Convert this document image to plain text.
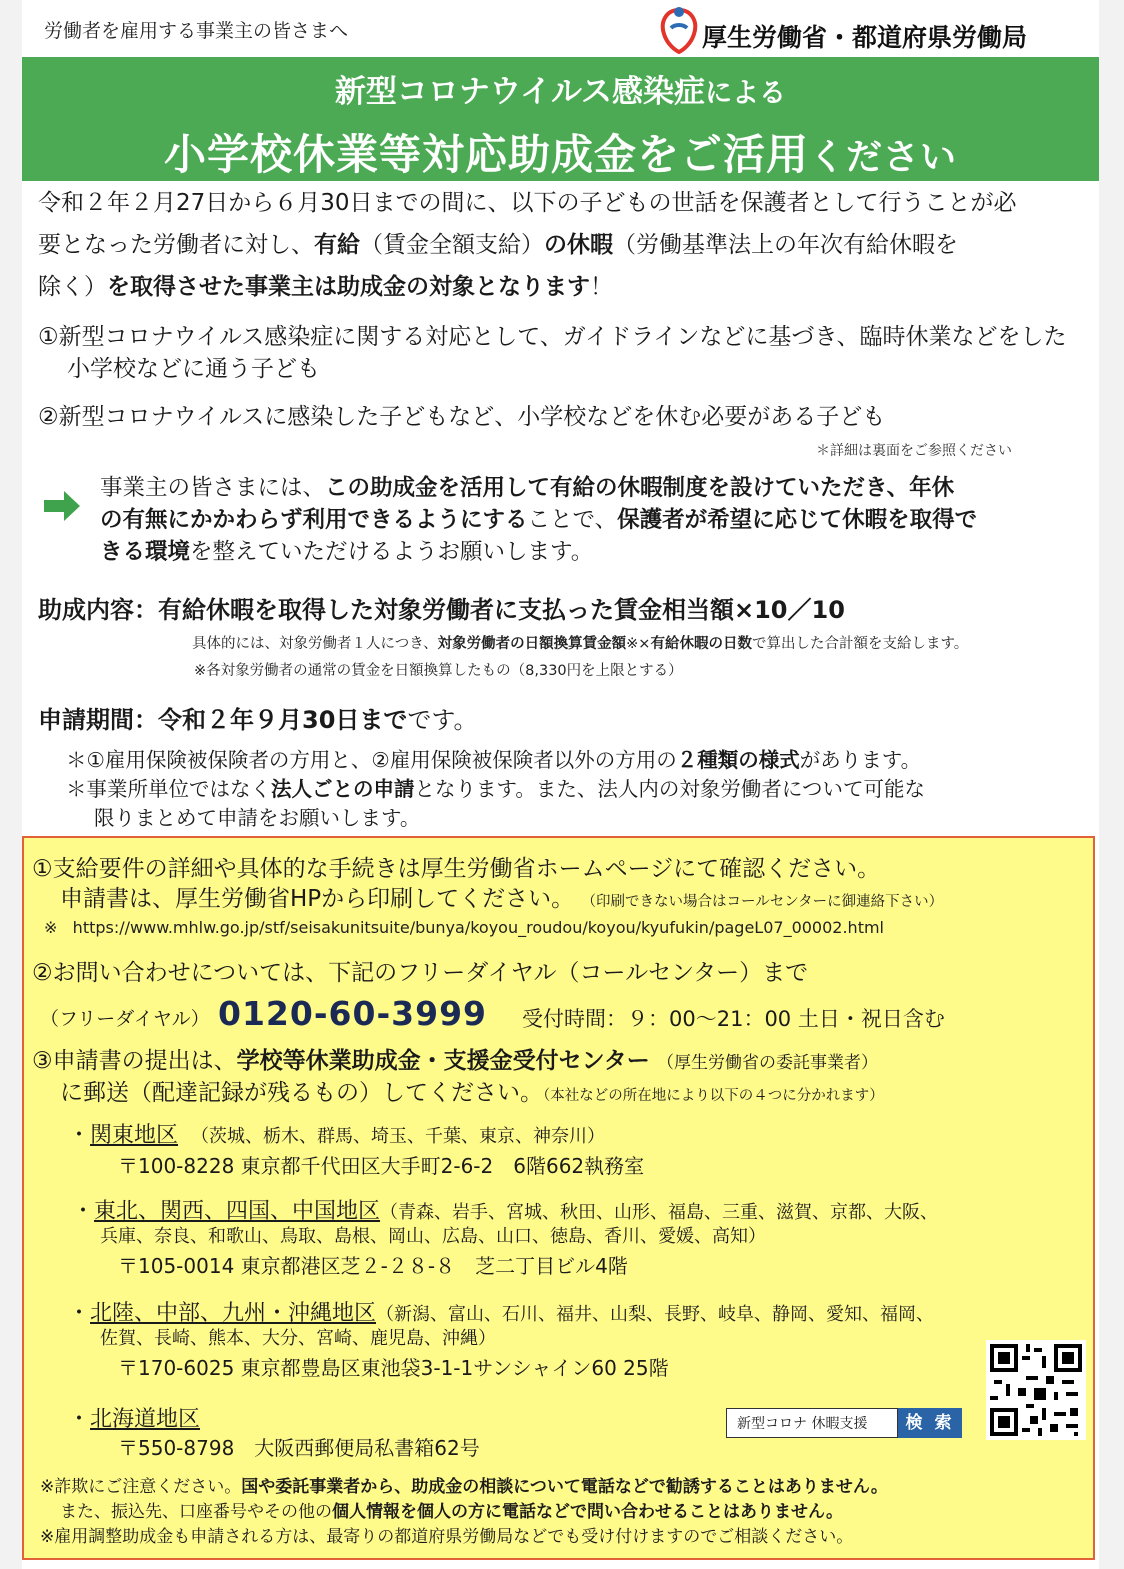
労働者を雇用する事業主の皆さまへ	厚生労働省・都道府県労働局
新型コロナウイルス感染症による
小学校休業等対応助成金をご活用ください
令和２年２月27日から６月30日までの間に、以下の子どもの世話を保護者として行うことが必
要となった労働者に対し、有給（賃金全額支給）の休暇（労働基準法上の年次有給休暇を
除く）を取得させた事業主は助成金の対象となります！
①新型コロナウイルス感染症に関する対応として、ガイドラインなどに基づき、臨時休業などをした
小学校などに通う子ども
②新型コロナウイルスに感染した子どもなど、小学校などを休む必要がある子ども
＊詳細は裏面をご参照ください
事業主の皆さまには、この助成金を活用して有給の休暇制度を設けていただき、年休
の有無にかかわらず利用できるようにすることで、保護者が希望に応じて休暇を取得で
きる環境を整えていただけるようお願いします。
助成内容：有給休暇を取得した対象労働者に支払った賃金相当額×10／10
具体的には、対象労働者１人につき、対象労働者の日額換算賃金額※×有給休暇の日数で算出した合計額を支給します。
※各対象労働者の通常の賃金を日額換算したもの（8,330円を上限とする）
申請期間：令和２年９月30日までです。
＊①雇用保険被保険者の方用と、②雇用保険被保険者以外の方用の２種類の様式があります。
＊事業所単位ではなく法人ごとの申請となります。また、法人内の対象労働者について可能な
限りまとめて申請をお願いします。
①支給要件の詳細や具体的な手続きは厚生労働省ホームページにて確認ください。
申請書は、厚生労働省HPから印刷してください。 （印刷できない場合はコールセンターに御連絡下さい）
※ https://www.mhlw.go.jp/stf/seisakunitsuite/bunya/koyou_roudou/koyou/kyufukin/pageL07_00002.html
②お問い合わせについては、下記のフリーダイヤル（コールセンター）まで
（フリーダイヤル） 0120-60-3999 受付時間：９：00〜21：00 土日・祝日含む
③申請書の提出は、学校等休業助成金・支援金受付センター （厚生労働省の委託事業者）
に郵送（配達記録が残るもの）してください。（本社などの所在地により以下の４つに分かれます）
・関東地区　 （茨城、栃木、群馬、埼玉、千葉、東京、神奈川）
〒100-8228 東京都千代田区大手町2-6-2　6階662執務室
・東北、関西、四国、中国地区（青森、岩手、宮城、秋田、山形、福島、三重、滋賀、京都、大阪、
兵庫、奈良、和歌山、鳥取、島根、岡山、広島、山口、徳島、香川、愛媛、高知）
〒105-0014 東京都港区芝２-２８-８　芝二丁目ビル4階
・北陸、中部、九州・沖縄地区（新潟、富山、石川、福井、山梨、長野、岐阜、静岡、愛知、福岡、
佐賀、長崎、熊本、大分、宮崎、鹿児島、沖縄）
〒170-6025 東京都豊島区東池袋3-1-1サンシャイン60 25階
・北海道地区
〒550-8798　大阪西郵便局私書箱62号
新型コロナ 休暇支援	検 索
※詐欺にご注意ください。国や委託事業者から、助成金の相談について電話などで勧誘することはありません。
また、振込先、口座番号やその他の個人情報を個人の方に電話などで問い合わせることはありません。
※雇用調整助成金も申請される方は、最寄りの都道府県労働局などでも受け付けますのでご相談ください。
